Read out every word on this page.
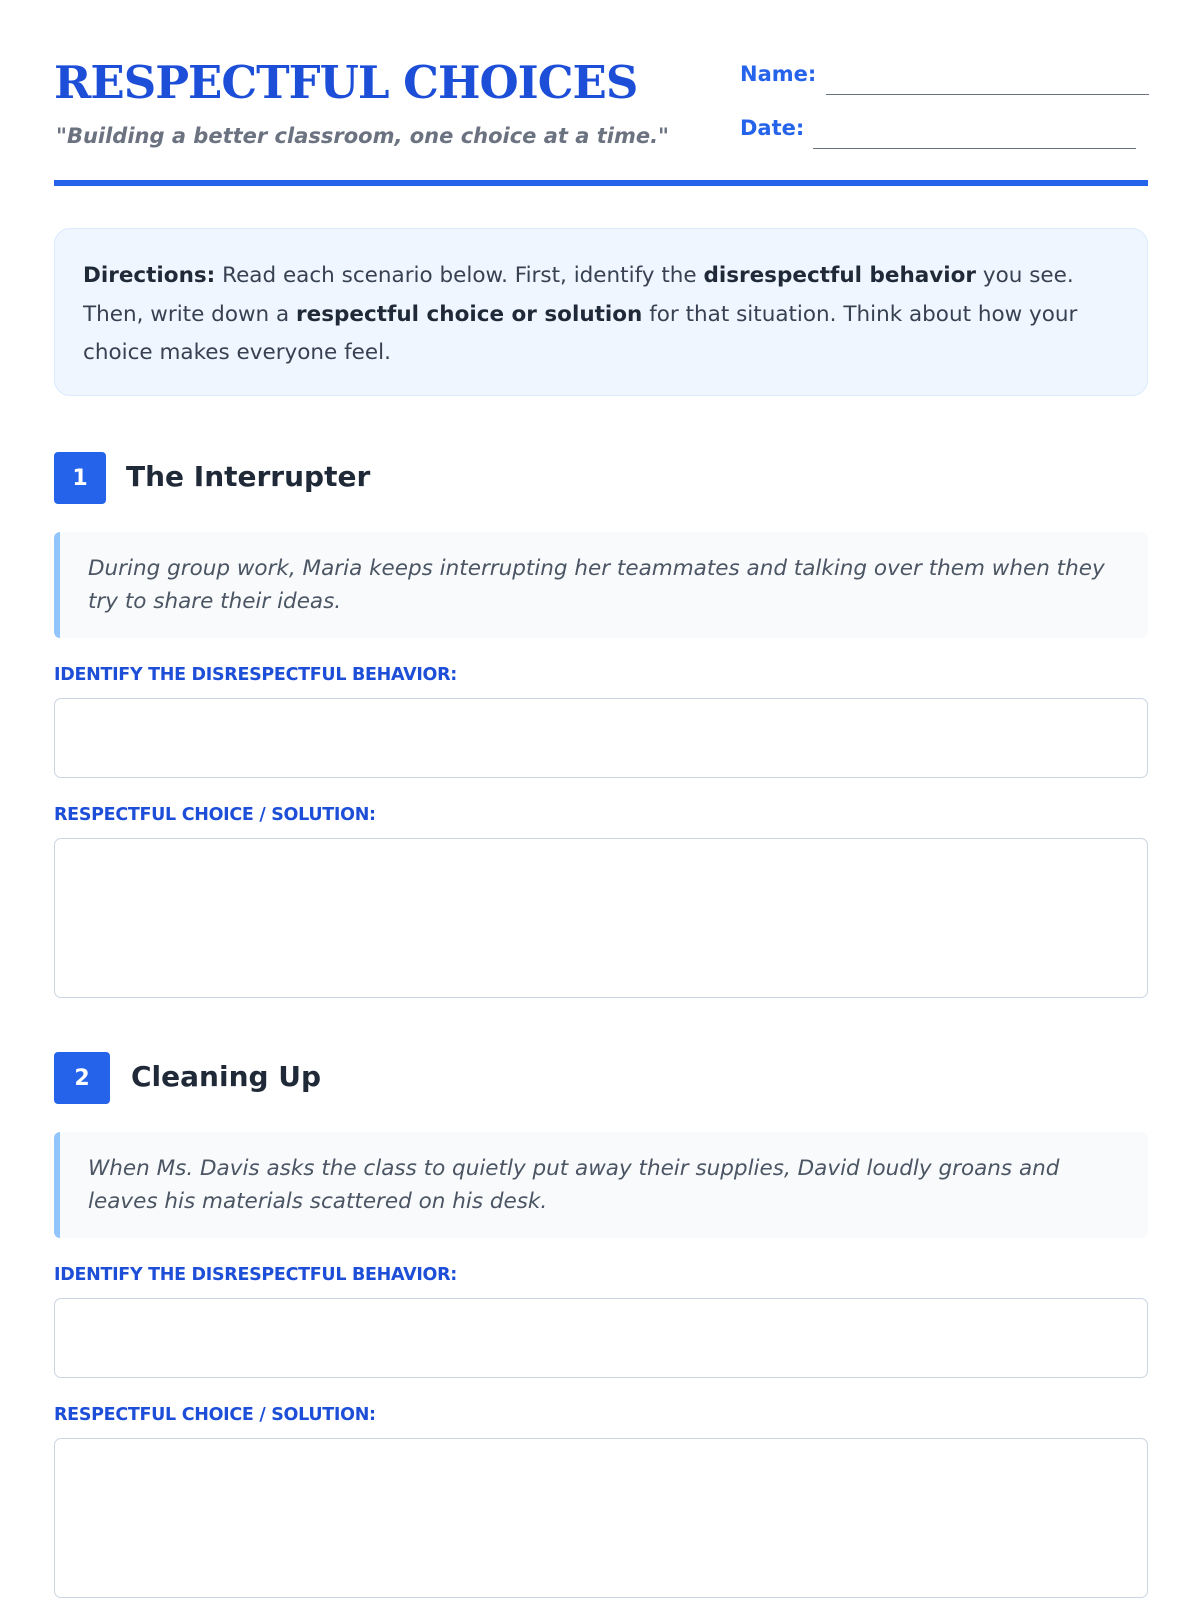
RESPECTFUL CHOICES
"Building a better classroom, one choice at a time."
Name:
Date:
Directions: Read each scenario below. First, identify the disrespectful behavior you see. Then, write down a respectful choice or solution for that situation. Think about how your choice makes everyone feel.
1	The Interrupter
During group work, Maria keeps interrupting her teammates and talking over them when they try to share their ideas.
IDENTIFY THE DISRESPECTFUL BEHAVIOR:
RESPECTFUL CHOICE / SOLUTION:
2	Cleaning Up
When Ms. Davis asks the class to quietly put away their supplies, David loudly groans and leaves his materials scattered on his desk.
IDENTIFY THE DISRESPECTFUL BEHAVIOR:
RESPECTFUL CHOICE / SOLUTION:
